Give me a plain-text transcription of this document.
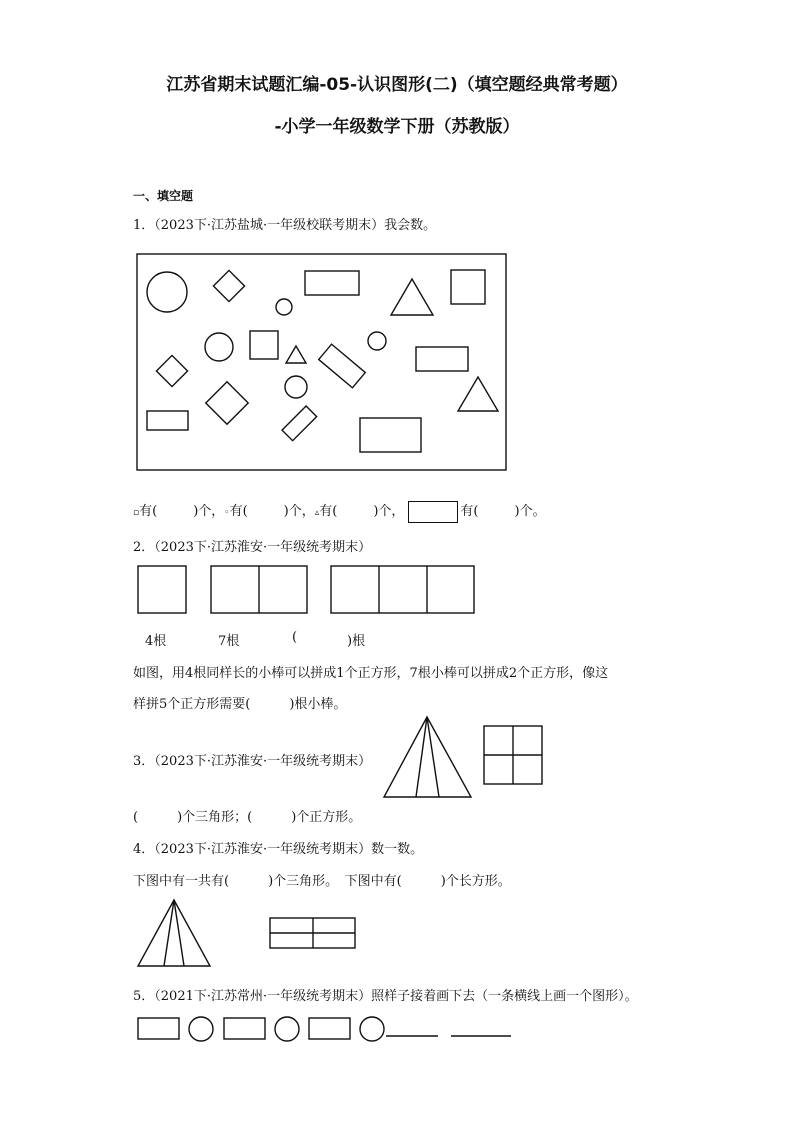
江苏省期末试题汇编-05-认识图形(二)（填空题经典常考题）
-小学一年级数学下册（苏教版）
一、填空题
1．（2023下·江苏盐城·一年级校联考期末）我会数。
▫有(	)个，◦有(	)个，▵有(	)个，	有(	)个。
2．（2023下·江苏淮安·一年级统考期末）
4根	7根	(	)根
如图，用4根同样长的小棒可以拼成1个正方形，7根小棒可以拼成2个正方形，像这
样拼5个正方形需要(　　　)根小棒。
3．（2023下·江苏淮安·一年级统考期末）
(　　　)个三角形；(　　　)个正方形。
4．（2023下·江苏淮安·一年级统考期末）数一数。
下图中有一共有(　　　)个三角形。　下图中有(　　　)个长方形。
5．（2021下·江苏常州·一年级统考期末）照样子接着画下去（一条横线上画一个图形）。
